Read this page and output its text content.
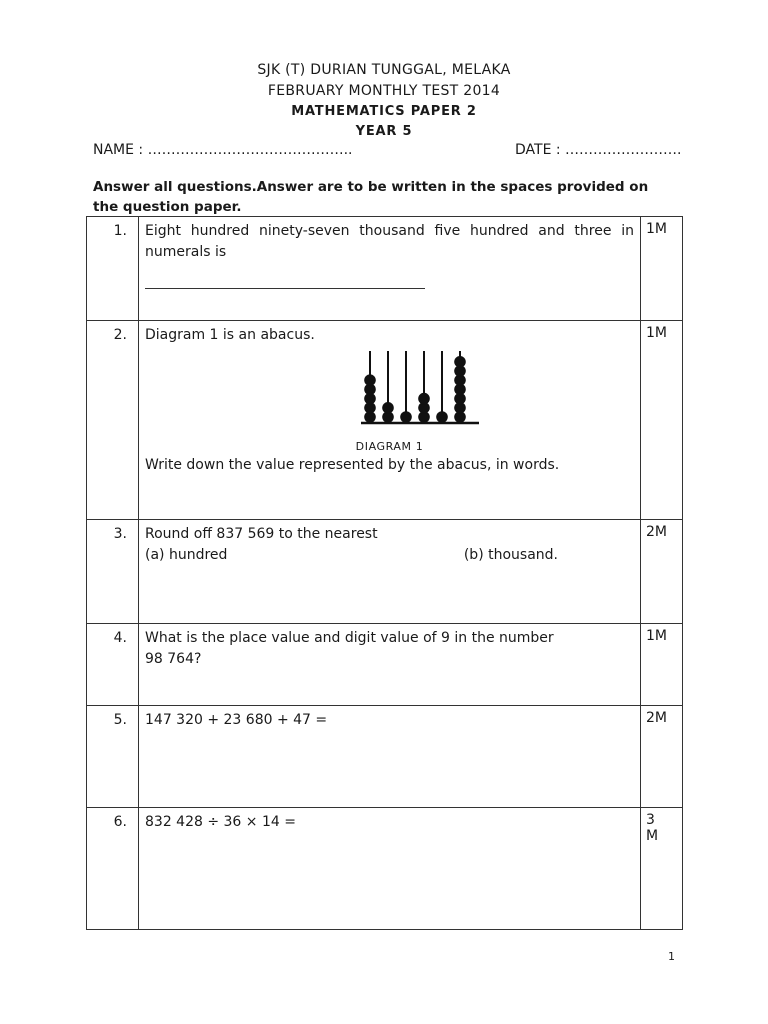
SJK (T) DURIAN TUNGGAL, MELAKA
FEBRUARY MONTHLY TEST 2014
MATHEMATICS PAPER 2
YEAR 5
NAME : ……………………………………..	DATE : …………………….
Answer all questions.Answer are to be written in the spaces provided on the question paper.
1.	Eight hundred ninety-seven thousand five hundred and three in numerals is	1M
2.	Diagram 1 is an abacus.
DIAGRAM 1
Write down the value represented by the abacus, in words.	1M
3.	Round off 837 569 to the nearest
(a) hundred (b) thousand.	2M
4.	What is the place value and digit value of 9 in the number
98 764?	1M
5.	147 320 + 23 680 + 47 =	2M
6.	832 428 ÷ 36 × 14 =	3
M
1
